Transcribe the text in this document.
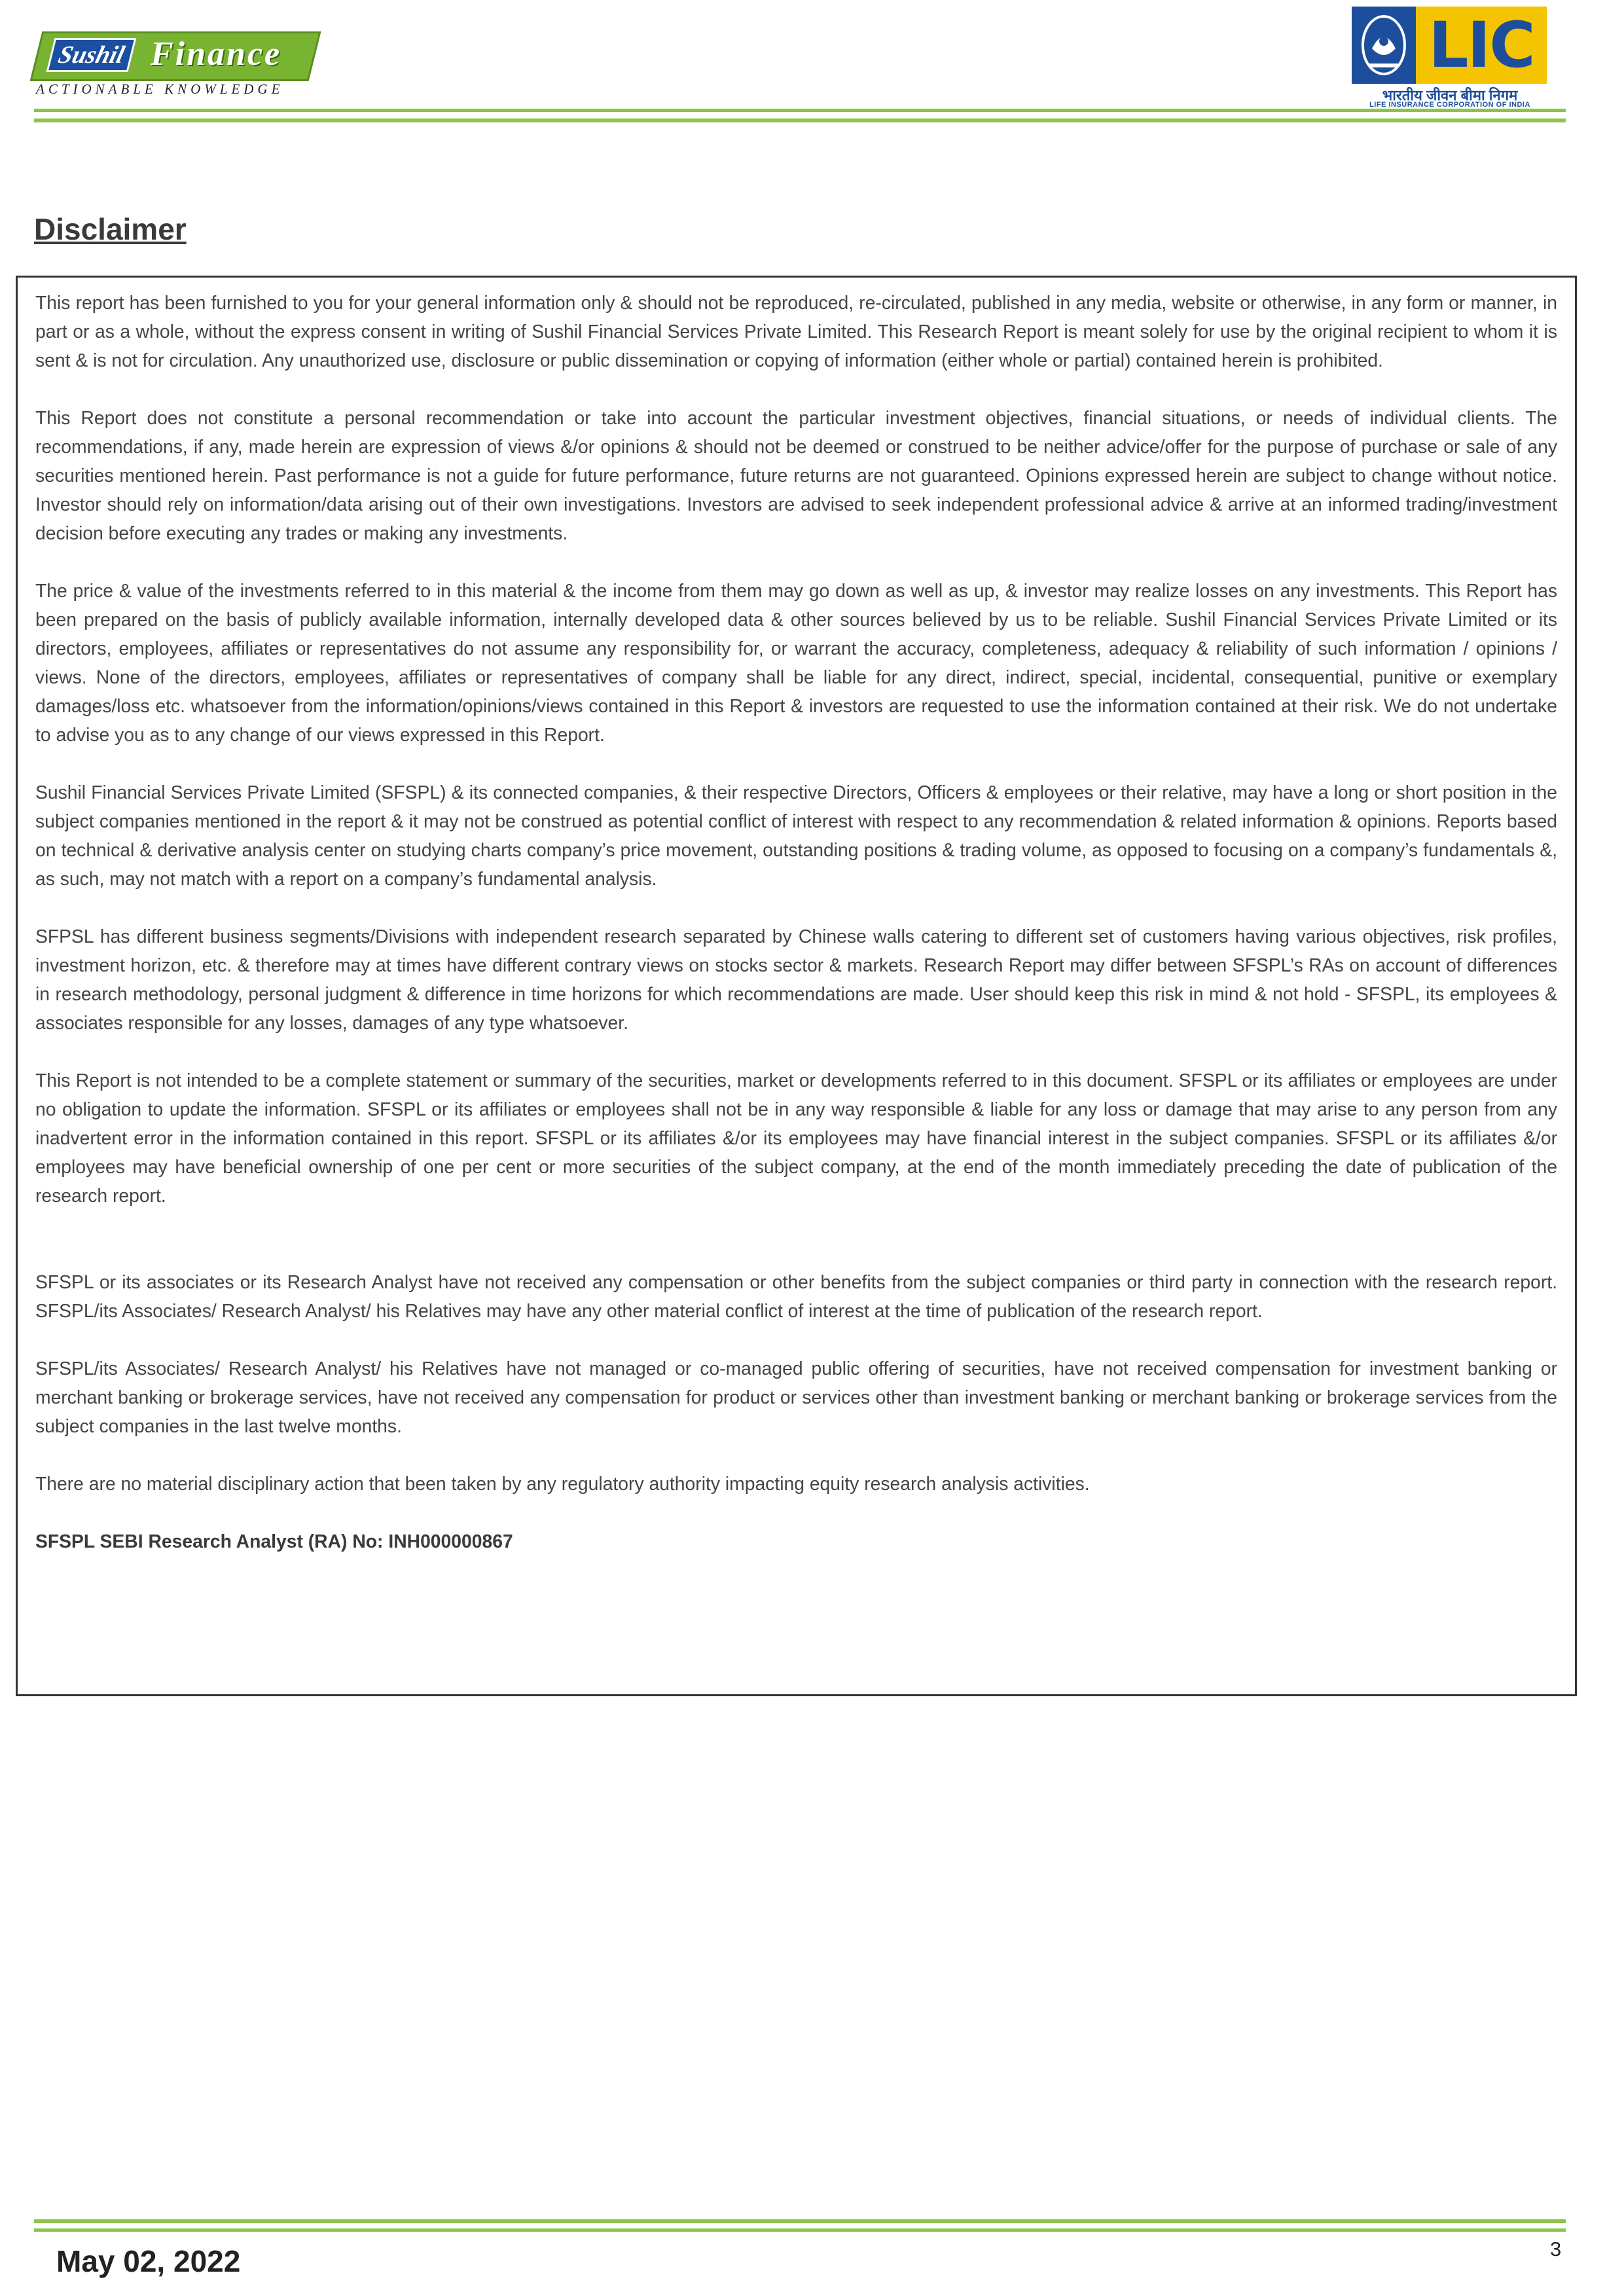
Sushil Finance
ACTIONABLE KNOWLEDGE
LIC
भारतीय जीवन बीमा निगम
LIFE INSURANCE CORPORATION OF INDIA
Disclaimer

This report has been furnished to you for your general information only & should not be reproduced, re-circulated, published in any media, website or otherwise, in any form or manner, in part or as a whole, without the express consent in writing of Sushil Financial Services Private Limited. This Research Report is meant solely for use by the original recipient to whom it is sent & is not for circulation. Any unauthorized use, disclosure or public dissemination or copying of information (either whole or partial) contained herein is prohibited.

This Report does not constitute a personal recommendation or take into account the particular investment objectives, financial situations, or needs of individual clients. The recommendations, if any, made herein are expression of views &/or opinions & should not be deemed or construed to be neither advice/offer for the purpose of purchase or sale of any securities mentioned herein. Past performance is not a guide for future performance, future returns are not guaranteed. Opinions expressed herein are subject to change without notice. Investor should rely on information/data arising out of their own investigations. Investors are advised to seek independent professional advice & arrive at an informed trading/investment decision before executing any trades or making any investments.

The price & value of the investments referred to in this material & the income from them may go down as well as up, & investor may realize losses on any investments. This Report has been prepared on the basis of publicly available information, internally developed data & other sources believed by us to be reliable. Sushil Financial Services Private Limited or its directors, employees, affiliates or representatives do not assume any responsibility for, or warrant the accuracy, completeness, adequacy & reliability of such information / opinions / views. None of the directors, employees, affiliates or representatives of company shall be liable for any direct, indirect, special, incidental, consequential, punitive or exemplary damages/loss etc. whatsoever from the information/opinions/views contained in this Report & investors are requested to use the information contained at their risk. We do not undertake to advise you as to any change of our views expressed in this Report.

Sushil Financial Services Private Limited (SFSPL) & its connected companies, & their respective Directors, Officers & employees or their relative, may have a long or short position in the subject companies mentioned in the report & it may not be construed as potential conflict of interest with respect to any recommendation & related information & opinions. Reports based on technical & derivative analysis center on studying charts company’s price movement, outstanding positions & trading volume, as opposed to focusing on a company’s fundamentals &, as such, may not match with a report on a company’s fundamental analysis.

SFPSL has different business segments/Divisions with independent research separated by Chinese walls catering to different set of customers having various objectives, risk profiles, investment horizon, etc. & therefore may at times have different contrary views on stocks sector & markets. Research Report may differ between SFSPL’s RAs on account of differences in research methodology, personal judgment & difference in time horizons for which recommendations are made. User should keep this risk in mind & not hold - SFSPL, its employees & associates responsible for any losses, damages of any type whatsoever.

This Report is not intended to be a complete statement or summary of the securities, market or developments referred to in this document. SFSPL or its affiliates or employees are under no obligation to update the information. SFSPL or its affiliates or employees shall not be in any way responsible & liable for any loss or damage that may arise to any person from any inadvertent error in the information contained in this report. SFSPL or its affiliates &/or its employees may have financial interest in the subject companies. SFSPL or its affiliates &/or employees may have beneficial ownership of one per cent or more securities of the subject company, at the end of the month immediately preceding the date of publication of the research report.

SFSPL or its associates or its Research Analyst have not received any compensation or other benefits from the subject companies or third party in connection with the research report. SFSPL/its Associates/ Research Analyst/ his Relatives may have any other material conflict of interest at the time of publication of the research report.

SFSPL/its Associates/ Research Analyst/ his Relatives have not managed or co-managed public offering of securities, have not received compensation for investment banking or merchant banking or brokerage services, have not received any compensation for product or services other than investment banking or merchant banking or brokerage services from the subject companies in the last twelve months.

There are no material disciplinary action that been taken by any regulatory authority impacting equity research analysis activities.

SFSPL SEBI Research Analyst (RA) No: INH000000867

May 02, 2022	3
